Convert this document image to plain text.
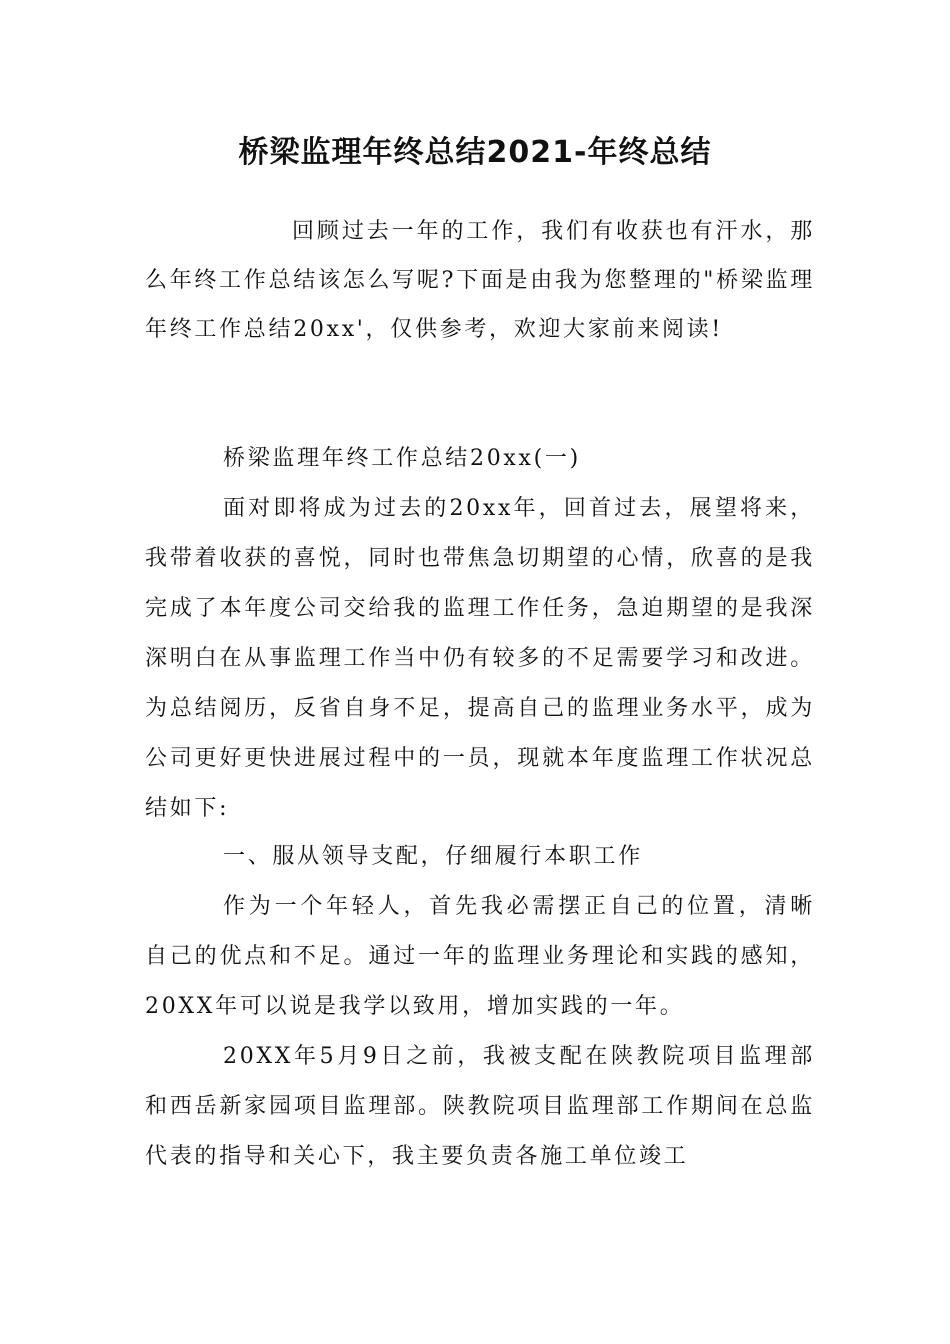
桥梁监理年终总结2021-年终总结

回顾过去一年的工作，我们有收获也有汗水，那么年终工作总结该怎么写呢?下面是由我为您整理的"桥梁监理年终工作总结20xx'，仅供参考，欢迎大家前来阅读!

桥梁监理年终工作总结20xx(一)

面对即将成为过去的20xx年，回首过去，展望将来，我带着收获的喜悦，同时也带焦急切期望的心情，欣喜的是我完成了本年度公司交给我的监理工作任务，急迫期望的是我深深明白在从事监理工作当中仍有较多的不足需要学习和改进。为总结阅历，反省自身不足，提高自己的监理业务水平，成为公司更好更快进展过程中的一员，现就本年度监理工作状况总结如下:

一、服从领导支配，仔细履行本职工作

作为一个年轻人，首先我必需摆正自己的位置，清晰自己的优点和不足。通过一年的监理业务理论和实践的感知，20XX年可以说是我学以致用，增加实践的一年。

20XX年5月9日之前，我被支配在陕教院项目监理部和西岳新家园项目监理部。陕教院项目监理部工作期间在总监代表的指导和关心下，我主要负责各施工单位竣工
